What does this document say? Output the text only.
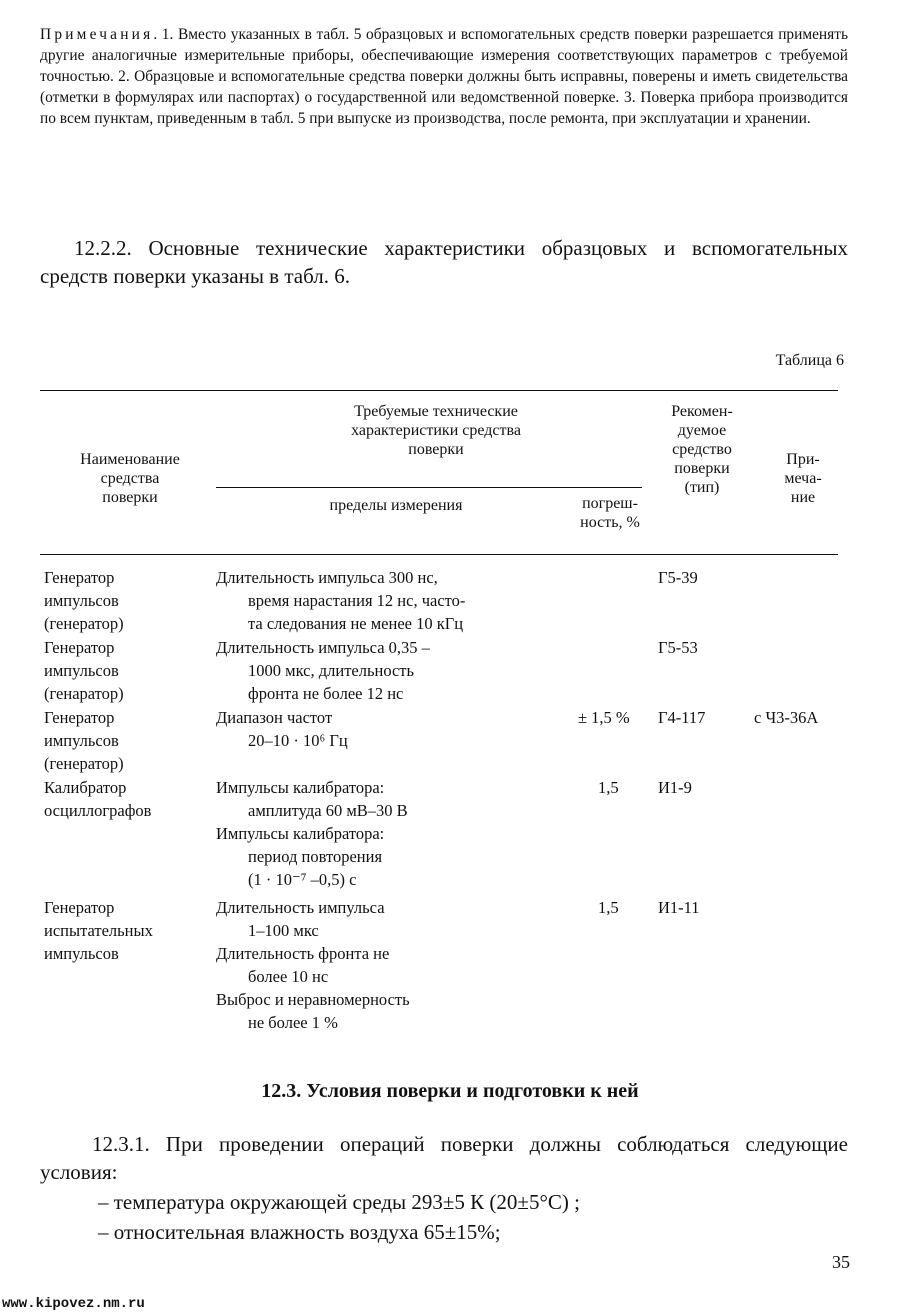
Примечания. 1. Вместо указанных в табл. 5 образцовых и вспомогательных средств поверки разрешается применять другие аналогичные измерительные приборы, обеспечивающие измерения соответствующих параметров с требуемой точностью. 2. Образцовые и вспомогательные средства поверки должны быть исправны, поверены и иметь свидетельства (отметки в формулярах или паспортах) о государственной или ведомственной поверке. 3. Поверка прибора производится по всем пунктам, приведенным в табл. 5 при выпуске из производства, после ремонта, при эксплуатации и хранении.
12.2.2. Основные технические характеристики образцовых и вспомогательных средств поверки указаны в табл. 6.
Таблица 6
Наименование
средства
поверки
Требуемые технические
характеристики средства
поверки
пределы измерения	погреш-
ность, %
Рекомен-
дуемое
средство
поверки
(тип)
При-
меча-
ние
Генератор
импульсов
(генератор)
Длительность импульса 300 нс,
время нарастания 12 нс, часто-
та следования не менее 10 кГц
Г5-39
Генератор
импульсов
(генаратор)
Длительность импульса 0,35 –
1000 мкс, длительность
фронта не более 12 нс
Г5-53
Генератор
импульсов
(генератор)
Диапазон частот
20–10 · 10⁶ Гц
± 1,5 % Г4-117	с Ч3-36А
Калибратор
осциллографов
Импульсы калибратора:
амплитуда 60 мВ–30 В
Импульсы калибратора:
период повторения
(1 · 10⁻⁷ –0,5) с
1,5 И1-9
Генератор
испытательных
импульсов
Длительность импульса
1–100 мкс
Длительность фронта не
более 10 нс
Выброс и неравномерность
не более 1 %
1,5 И1-11
12.3. Условия поверки и подготовки к ней
12.3.1. При проведении операций поверки должны соблюдаться следующие условия:
– температура окружающей среды 293±5 К (20±5°С) ;
– относительная влажность воздуха 65±15%;
35
www.kipovez.nm.ru
